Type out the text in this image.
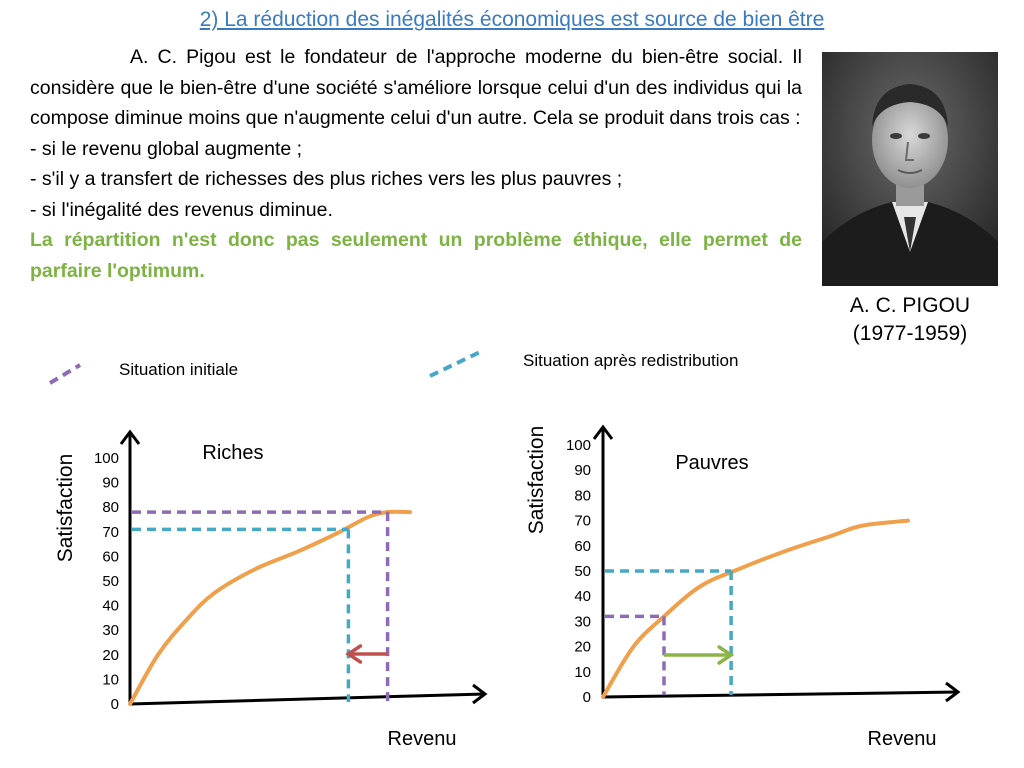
2) La réduction des inégalités économiques est source de bien être

A. C. Pigou est le fondateur de l'approche moderne du bien-être social. Il considère que le bien-être d'une société s'améliore lorsque celui d'un des individus qui la compose diminue moins que n'augmente celui d'un autre. Cela se produit dans trois cas :

- si le revenu global augmente ;

- s'il y a transfert de richesses des plus riches vers les plus pauvres ;

- si l'inégalité des revenus diminue.

La répartition n'est donc pas seulement un problème éthique, elle permet de parfaire l'optimum.

A. C. PIGOU
(1977-1959)
Situation initiale	Situation après redistribution
0
10
20
30
40
50
60
70
80
90
100
Satisfaction
Revenu
Riches
0
10
20
30
40
50
60
70
80
90
100
Satisfaction
Revenu
Pauvres
